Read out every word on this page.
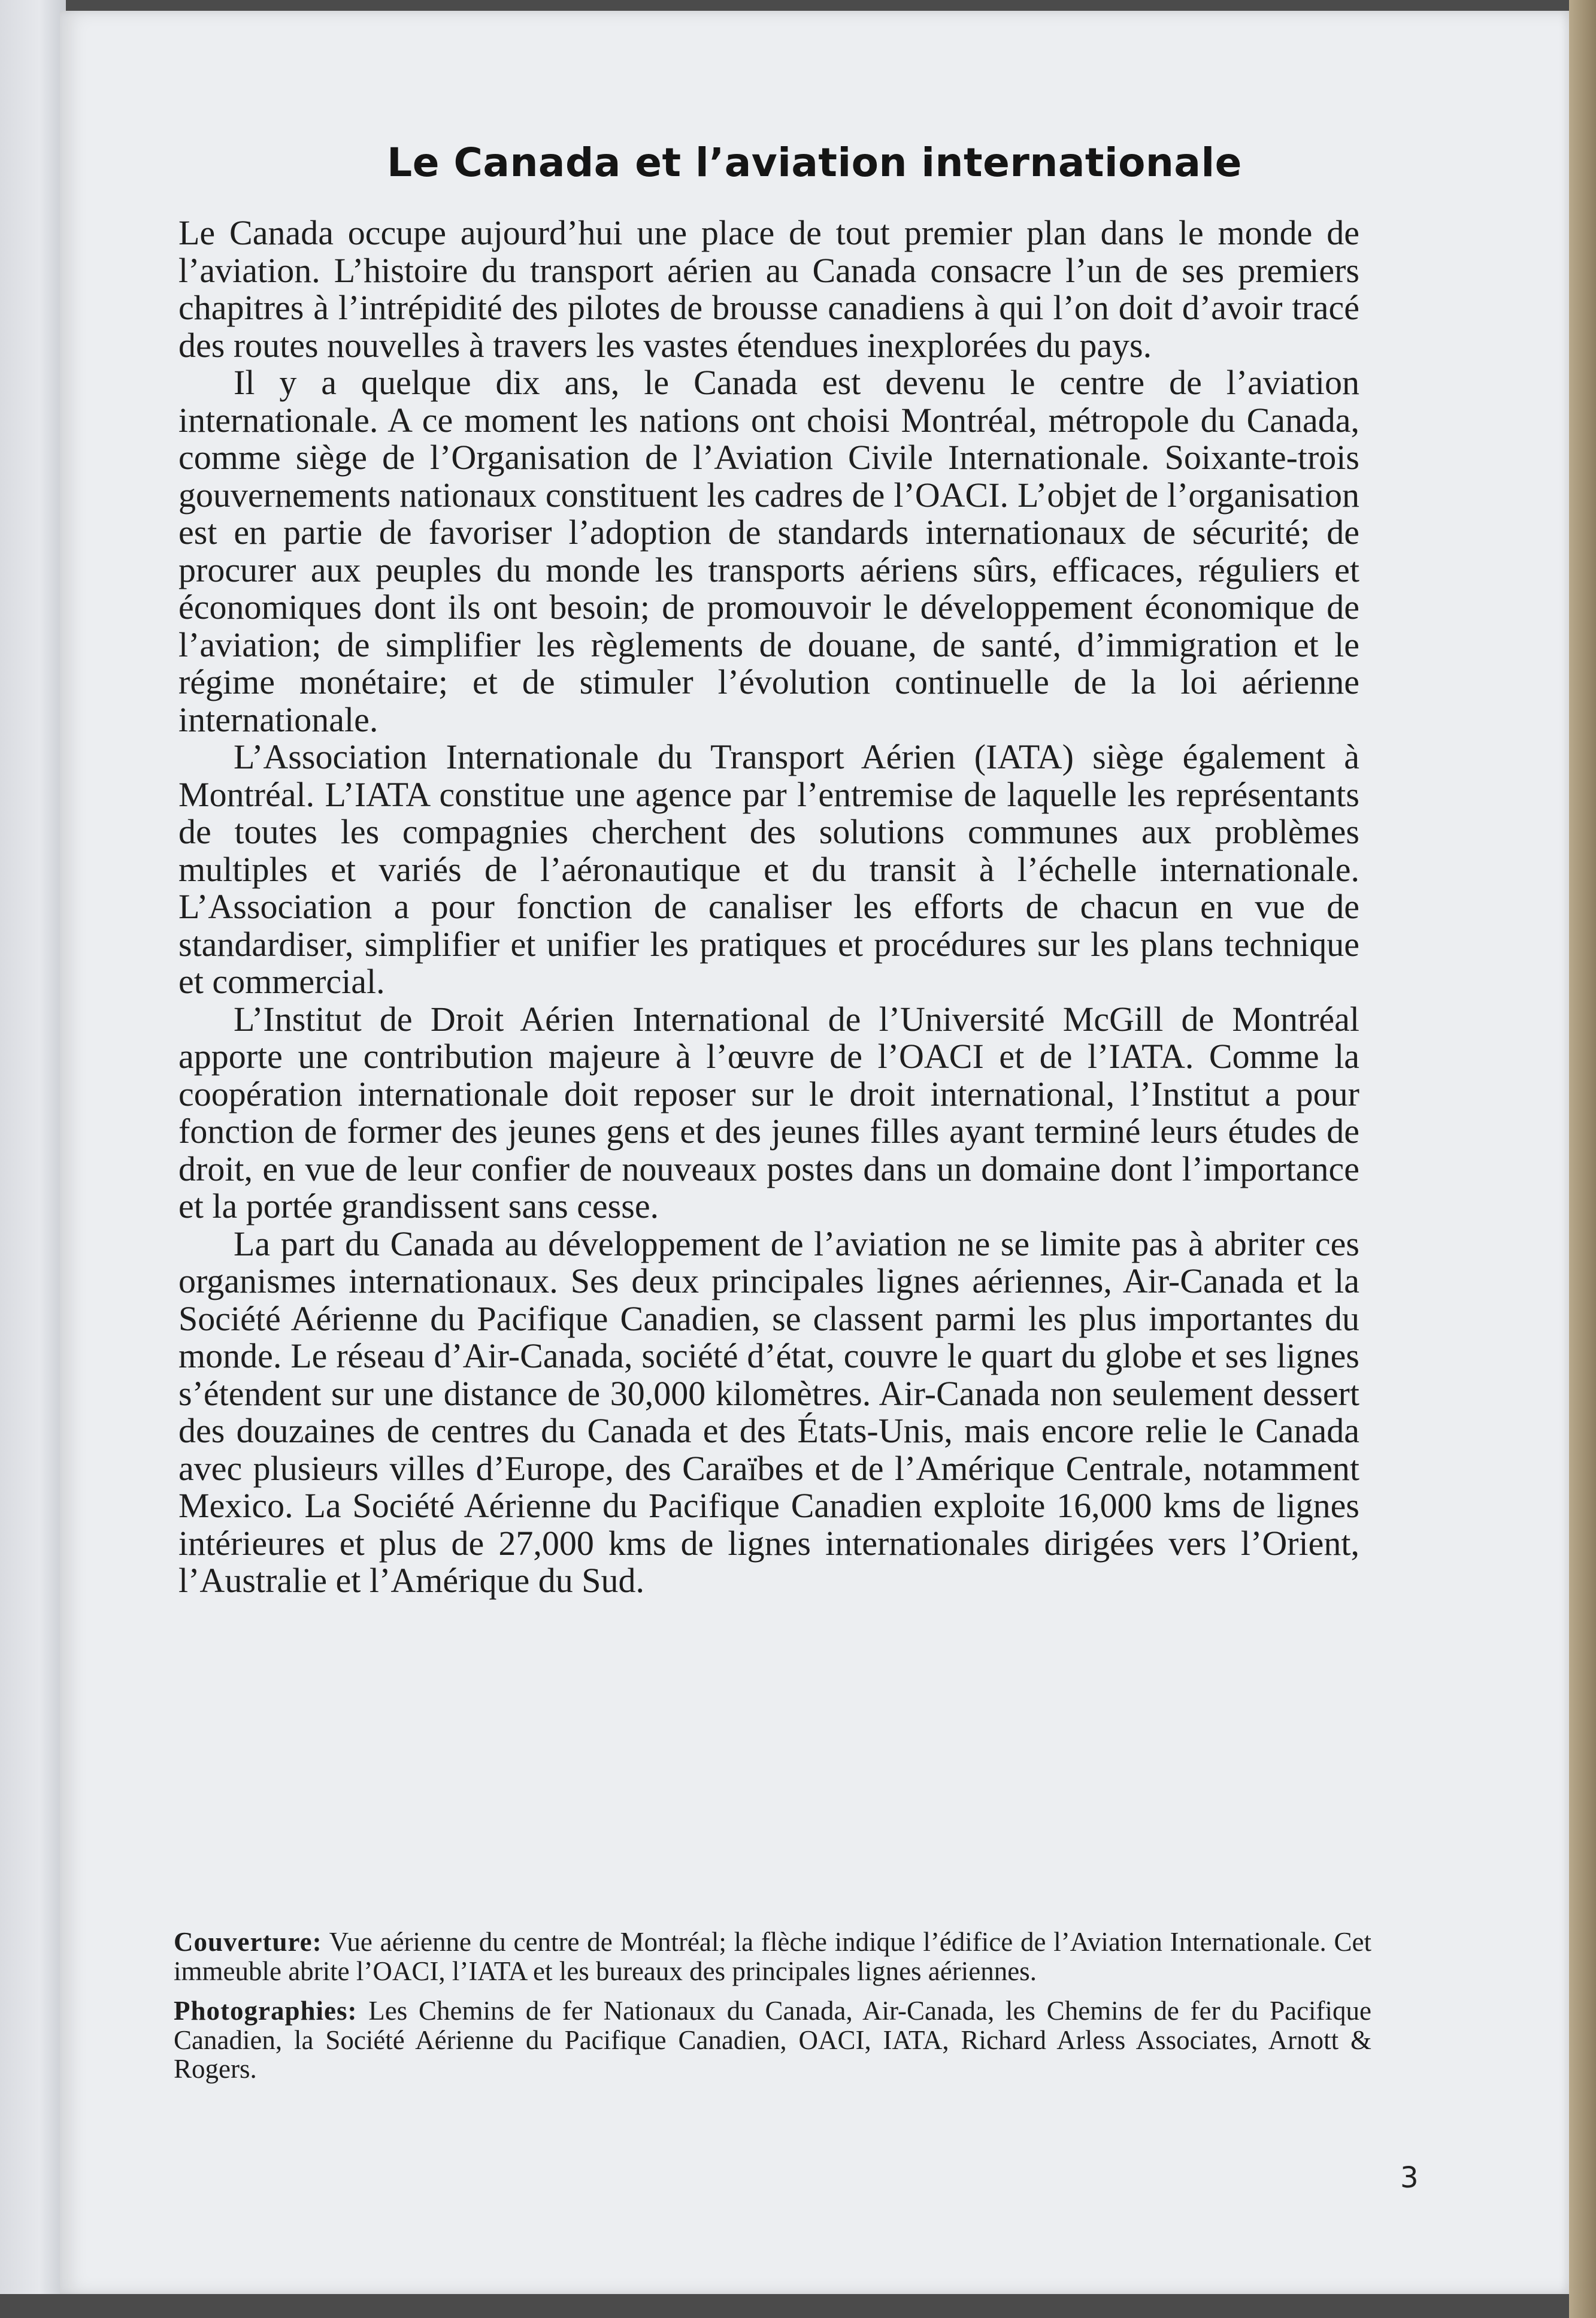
Le Canada et l’aviation internationale

Le Canada occupe aujourd’hui une place de tout premier plan dans le monde de l’aviation. L’histoire du transport aérien au Canada consacre l’un de ses premiers chapitres à l’intrépidité des pilotes de brousse canadiens à qui l’on doit d’avoir tracé des routes nouvelles à travers les vastes étendues inexplorées du pays.

Il y a quelque dix ans, le Canada est devenu le centre de l’aviation internationale. A ce moment les nations ont choisi Montréal, métropole du Canada, comme siège de l’Organisation de l’Aviation Civile Internationale. Soixante-trois gouvernements nationaux constituent les cadres de l’OACI. L’objet de l’organisation est en partie de favoriser l’adoption de standards internationaux de sécurité; de procurer aux peuples du monde les transports aériens sûrs, efficaces, réguliers et économiques dont ils ont besoin; de promouvoir le développement économique de l’aviation; de simplifier les règlements de douane, de santé, d’immigration et le régime monétaire; et de stimuler l’évolution continuelle de la loi aérienne internationale.

L’Association Internationale du Transport Aérien (IATA) siège également à Montréal. L’IATA constitue une agence par l’entremise de laquelle les représentants de toutes les compagnies cherchent des solutions communes aux problèmes multiples et variés de l’aéronautique et du transit à l’échelle internationale. L’Association a pour fonction de canaliser les efforts de chacun en vue de standardiser, simplifier et unifier les pratiques et procédures sur les plans technique et commercial.

L’Institut de Droit Aérien International de l’Université McGill de Montréal apporte une contribution majeure à l’œuvre de l’OACI et de l’IATA. Comme la coopération internationale doit reposer sur le droit international, l’Institut a pour fonction de former des jeunes gens et des jeunes filles ayant terminé leurs études de droit, en vue de leur confier de nouveaux postes dans un domaine dont l’importance et la portée grandissent sans cesse.

La part du Canada au développement de l’aviation ne se limite pas à abriter ces organismes internationaux. Ses deux principales lignes aériennes, Air-Canada et la Société Aérienne du Pacifique Canadien, se classent parmi les plus importantes du monde. Le réseau d’Air-Canada, société d’état, couvre le quart du globe et ses lignes s’étendent sur une distance de 30,000 kilomètres. Air-Canada non seulement dessert des douzaines de centres du Canada et des États-Unis, mais encore relie le Canada avec plusieurs villes d’Europe, des Caraïbes et de l’Amérique Centrale, notamment Mexico. La Société Aérienne du Pacifique Canadien exploite 16,000 kms de lignes intérieures et plus de 27,000 kms de lignes internationales dirigées vers l’Orient, l’Australie et l’Amérique du Sud.

Couverture: Vue aérienne du centre de Montréal; la flèche indique l’édifice de l’Aviation Internationale. Cet immeuble abrite l’OACI, l’IATA et les bureaux des principales lignes aériennes.

Photographies: Les Chemins de fer Nationaux du Canada, Air-Canada, les Chemins de fer du Pacifique Canadien, la Société Aérienne du Pacifique Canadien, OACI, IATA, Richard Arless Associates, Arnott & Rogers.

3
